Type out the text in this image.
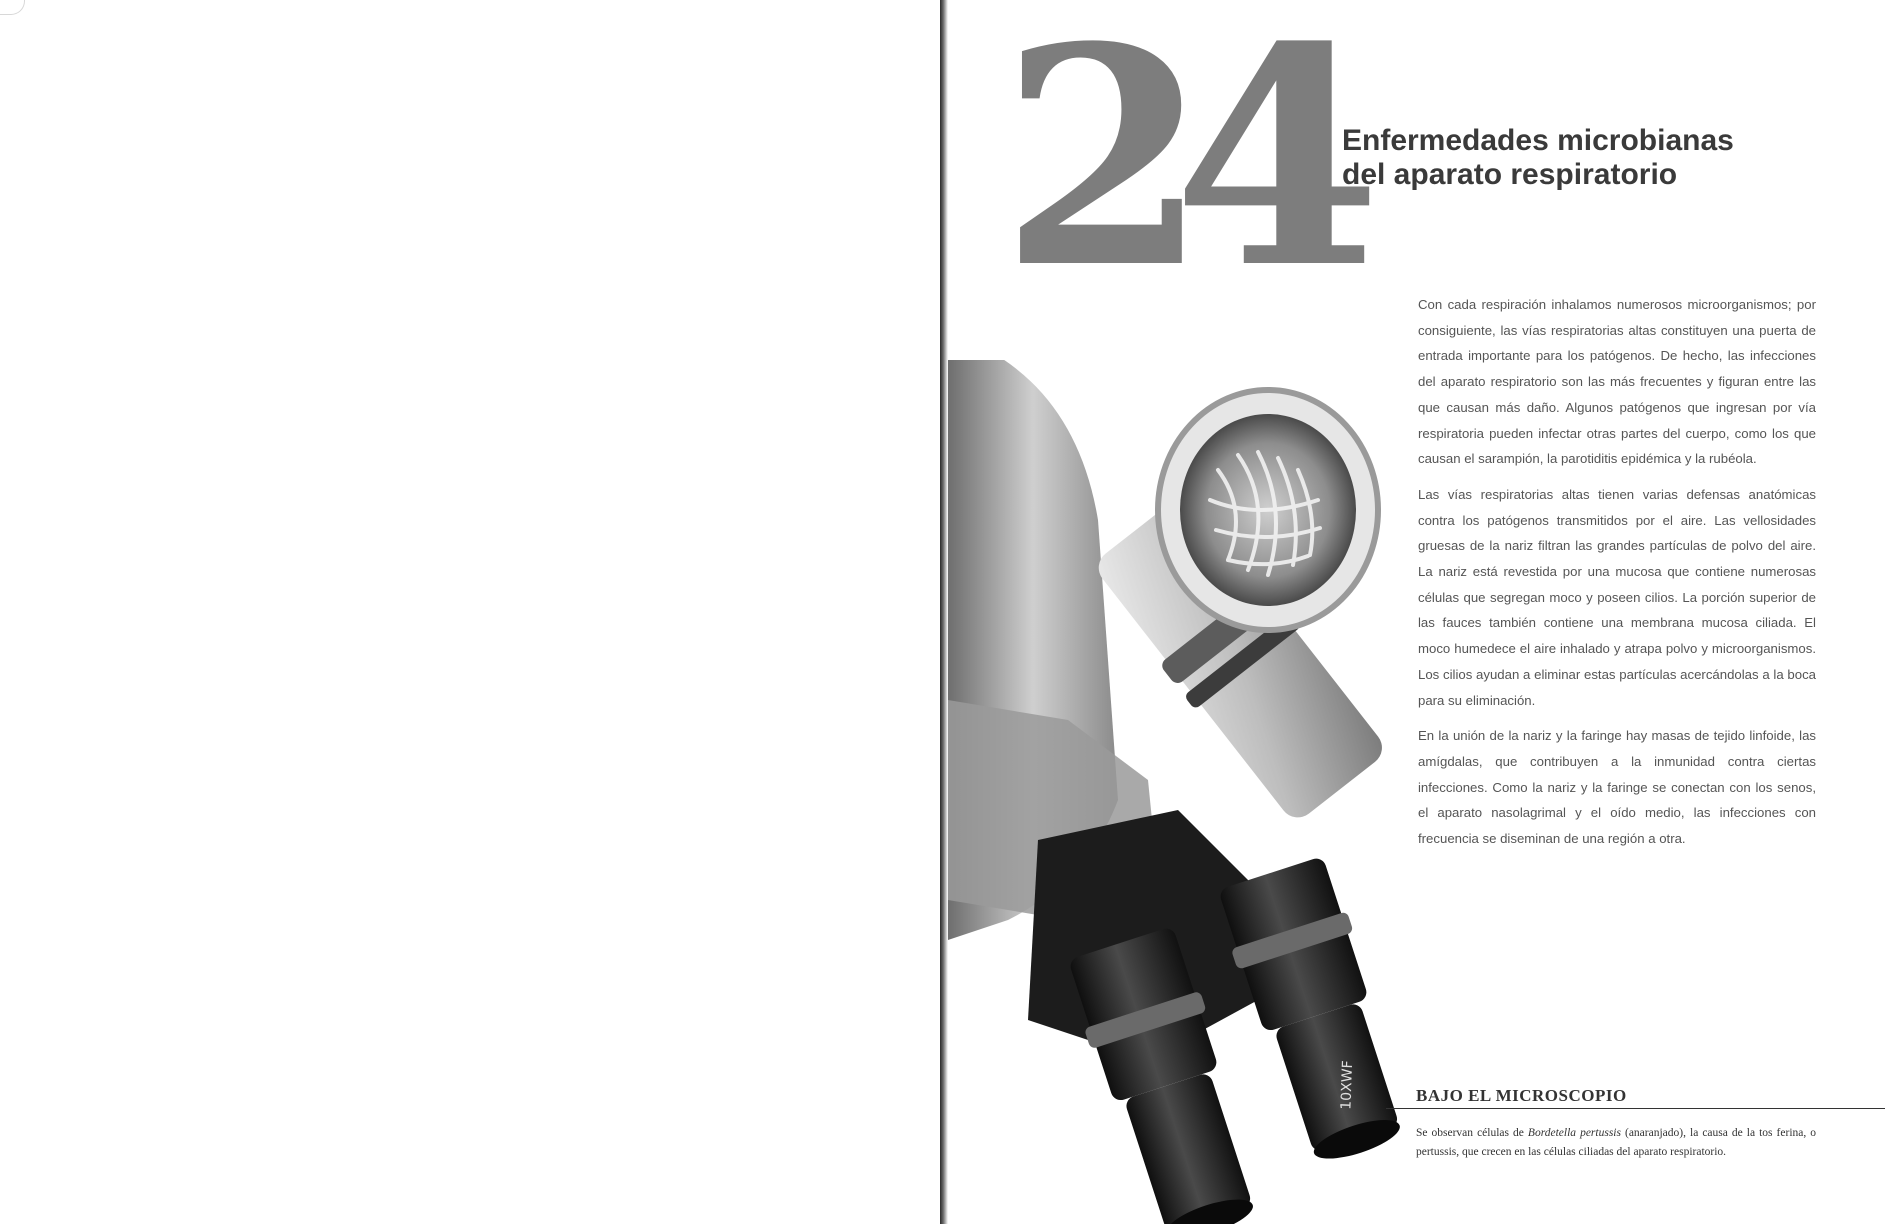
24
Enfermedades microbianas
del aparato respiratorio
10XWF

Con cada respiración inhalamos numerosos microorganismos; por consiguiente, las vías respiratorias altas constituyen una puerta de entrada importante para los patógenos. De hecho, las infecciones del aparato respiratorio son las más frecuentes y figuran entre las que causan más daño. Algunos patógenos que ingresan por vía respiratoria pueden infectar otras partes del cuerpo, como los que causan el sarampión, la parotiditis epidémica y la rubéola.

Las vías respiratorias altas tienen varias defensas anatómicas contra los patógenos transmitidos por el aire. Las vellosidades gruesas de la nariz filtran las grandes partículas de polvo del aire. La nariz está revestida por una mucosa que contiene numerosas células que segregan moco y poseen cilios. La porción superior de las fauces también contiene una membrana mucosa ciliada. El moco humedece el aire inhalado y atrapa polvo y microorganismos. Los cilios ayudan a eliminar estas partículas acercándolas a la boca para su eliminación.

En la unión de la nariz y la faringe hay masas de tejido linfoide, las amígdalas, que contribuyen a la inmunidad contra ciertas infecciones. Como la nariz y la faringe se conectan con los senos, el aparato nasolagrimal y el oído medio, las infecciones con frecuencia se diseminan de una región a otra.

BAJO EL MICROSCOPIO

Se observan células de Bordetella pertussis (anaranjado), la causa de la tos ferina, o pertussis, que crecen en las células ciliadas del aparato respiratorio.
